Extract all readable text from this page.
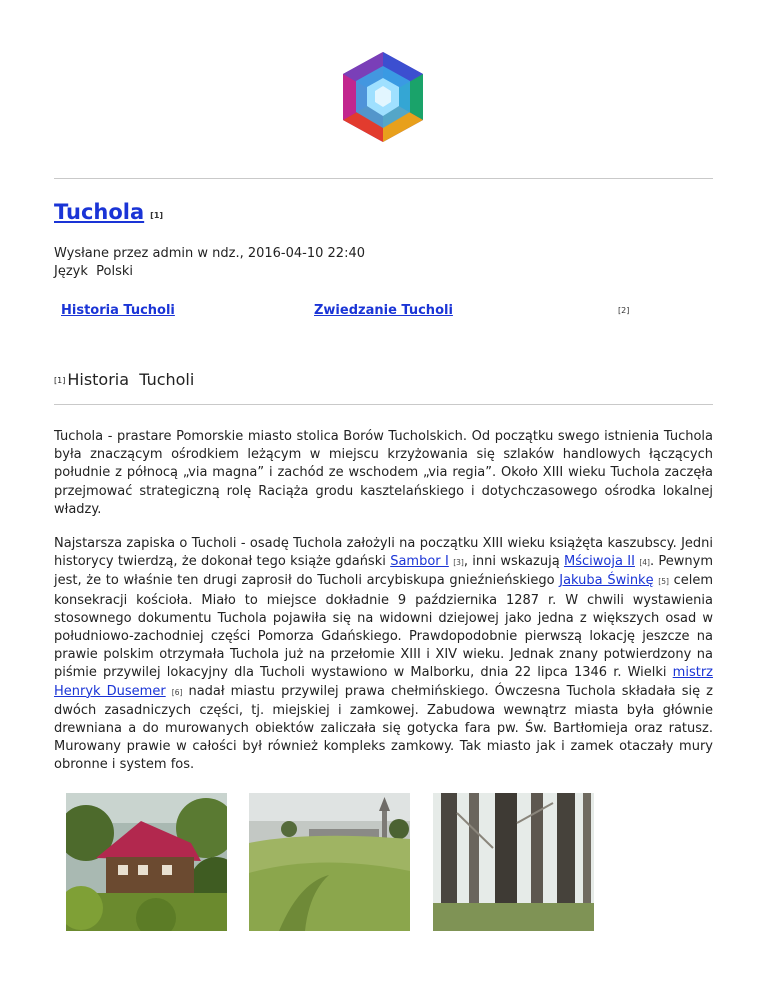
Tuchola [1]
Wysłane przez admin w ndz., 2016-04-10 22:40
Język  Polski
Historia Tucholi	Zwiedzanie Tucholi	[2]
[1] Historia  Tucholi

Tuchola - prastare Pomorskie miasto stolica Borów Tucholskich. Od początku swego istnienia Tuchola była znaczącym ośrodkiem leżącym w miejscu krzyżowania się szlaków handlowych łączących południe z północą „via magna” i zachód ze wschodem „via regia”. Około XIII wieku Tuchola zaczęła przejmować strategiczną rolę Raciąża grodu kasztelańskiego i dotychczasowego ośrodka lokalnej władzy.

Najstarsza zapiska o Tucholi - osadę Tuchola założyli na początku XIII wieku książęta kaszubscy. Jedni historycy twierdzą, że dokonał tego książe gdański Sambor I [3], inni wskazują Mściwoja II [4]. Pewnym jest, że to właśnie ten drugi zaprosił do Tucholi arcybiskupa gnieźnieńskiego Jakuba Świnkę [5] celem konsekracji kościoła. Miało to miejsce dokładnie 9 października 1287 r. W chwili wystawienia stosownego dokumentu Tuchola pojawiła się na widowni dziejowej jako jedna z większych osad w południowo-zachodniej części Pomorza Gdańskiego. Prawdopodobnie pierwszą lokację jeszcze na prawie polskim otrzymała Tuchola już na przełomie XIII i XIV wieku. Jednak znany potwierdzony na piśmie przywilej lokacyjny dla Tucholi wystawiono w Malborku, dnia 22 lipca 1346 r. Wielki mistrz Henryk Dusemer [6] nadał miastu przywilej prawa chełmińskiego. Ówczesna Tuchola składała się z dwóch zasadniczych części, tj. miejskiej i zamkowej. Zabudowa wewnątrz miasta była głównie drewniana a do murowanych obiektów zaliczała się gotycka fara pw. Św. Bartłomieja oraz ratusz. Murowany prawie w całości był również kompleks zamkowy. Tak miasto jak i zamek otaczały mury obronne i system fos.
